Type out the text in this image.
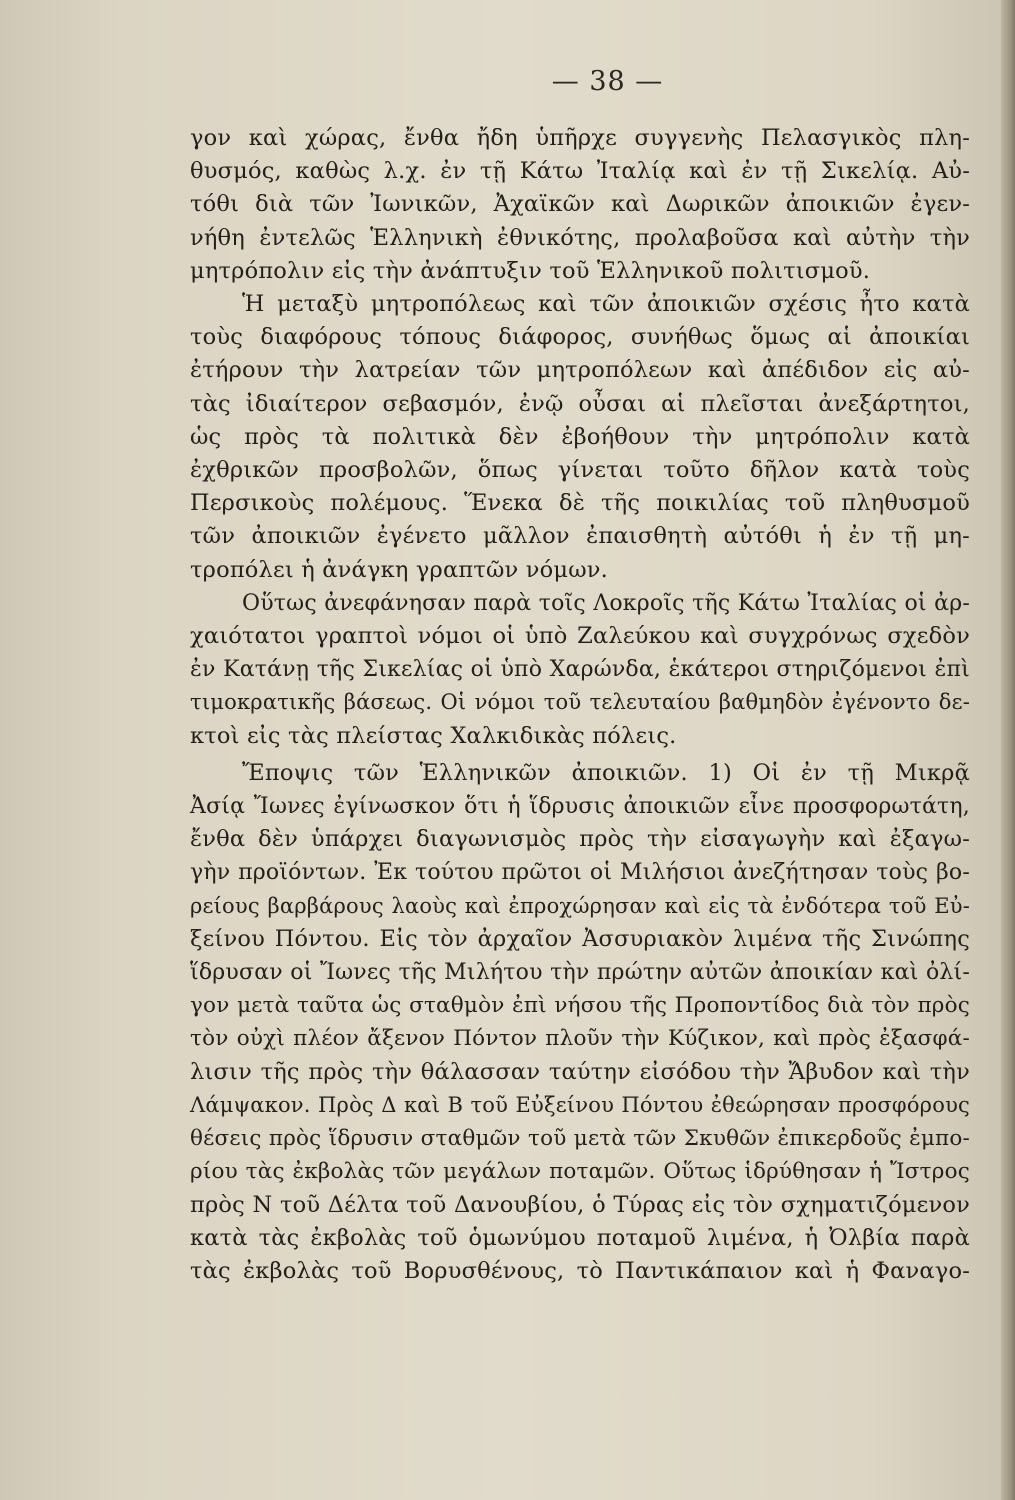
— 38 —
γον καὶ χώρας, ἔνθα ἤδη ὑπῆρχε συγγενὴς Πελασγικὸς πλη-
θυσμός, καθὼς λ.χ. ἐν τῇ Κάτω Ἰταλίᾳ καὶ ἐν τῇ Σικελίᾳ. Αὐ-
τόθι διὰ τῶν Ἰωνικῶν, Ἀχαϊκῶν καὶ Δωρικῶν ἀποικιῶν ἐγεν-
νήθη ἐντελῶς Ἑλληνικὴ ἐθνικότης, προλαβοῦσα καὶ αὐτὴν τὴν
μητρόπολιν εἰς τὴν ἀνάπτυξιν τοῦ Ἑλληνικοῦ πολιτισμοῦ.
Ἡ μεταξὺ μητροπόλεως καὶ τῶν ἀποικιῶν σχέσις ἦτο κατὰ
τοὺς διαφόρους τόπους διάφορος, συνήθως ὅμως αἱ ἀποικίαι
ἐτήρουν τὴν λατρείαν τῶν μητροπόλεων καὶ ἀπέδιδον εἰς αὐ-
τὰς ἰδιαίτερον σεβασμόν, ἐνῷ οὖσαι αἱ πλεῖσται ἀνεξάρτητοι,
ὡς πρὸς τὰ πολιτικὰ δὲν ἐβοήθουν τὴν μητρόπολιν κατὰ
ἐχθρικῶν προσβολῶν, ὅπως γίνεται τοῦτο δῆλον κατὰ τοὺς
Περσικοὺς πολέμους. Ἕνεκα δὲ τῆς ποικιλίας τοῦ πληθυσμοῦ
τῶν ἀποικιῶν ἐγένετο μᾶλλον ἐπαισθητὴ αὐτόθι ἡ ἐν τῇ μη-
τροπόλει ἡ ἀνάγκη γραπτῶν νόμων.
Οὕτως ἀνεφάνησαν παρὰ τοῖς Λοκροῖς τῆς Κάτω Ἰταλίας οἱ ἀρ-
χαιότατοι γραπτοὶ νόμοι οἱ ὑπὸ Ζαλεύκου καὶ συγχρόνως σχεδὸν
ἐν Κατάνῃ τῆς Σικελίας οἱ ὑπὸ Χαρώνδα, ἑκάτεροι στηριζόμενοι ἐπὶ
τιμοκρατικῆς βάσεως. Οἱ νόμοι τοῦ τελευταίου βαθμηδὸν ἐγένοντο δε-
κτοὶ εἰς τὰς πλείστας Χαλκιδικὰς πόλεις.
Ἔποψις τῶν Ἑλληνικῶν ἀποικιῶν. 1) Οἱ ἐν τῇ Μικρᾷ
Ἀσίᾳ Ἴωνες ἐγίνωσκον ὅτι ἡ ἵδρυσις ἀποικιῶν εἶνε προσφορωτάτη,
ἔνθα δὲν ὑπάρχει διαγωνισμὸς πρὸς τὴν εἰσαγωγὴν καὶ ἐξαγω-
γὴν προϊόντων. Ἐκ τούτου πρῶτοι οἱ Μιλήσιοι ἀνεζήτησαν τοὺς βο-
ρείους βαρβάρους λαοὺς καὶ ἐπροχώρησαν καὶ εἰς τὰ ἐνδότερα τοῦ Εὐ-
ξείνου Πόντου. Εἰς τὸν ἀρχαῖον Ἀσσυριακὸν λιμένα τῆς Σινώπης
ἵδρυσαν οἱ Ἴωνες τῆς Μιλήτου τὴν πρώτην αὐτῶν ἀποικίαν καὶ ὀλί-
γον μετὰ ταῦτα ὡς σταθμὸν ἐπὶ νήσου τῆς Προποντίδος διὰ τὸν πρὸς
τὸν οὐχὶ πλέον ἄξενον Πόντον πλοῦν τὴν Κύζικον, καὶ πρὸς ἐξασφά-
λισιν τῆς πρὸς τὴν θάλασσαν ταύτην εἰσόδου τὴν Ἄβυδον καὶ τὴν
Λάμψακον. Πρὸς Δ καὶ Β τοῦ Εὐξείνου Πόντου ἐθεώρησαν προσφόρους
θέσεις πρὸς ἵδρυσιν σταθμῶν τοῦ μετὰ τῶν Σκυθῶν ἐπικερδοῦς ἐμπο-
ρίου τὰς ἐκβολὰς τῶν μεγάλων ποταμῶν. Οὕτως ἱδρύθησαν ἡ Ἴστρος
πρὸς Ν τοῦ Δέλτα τοῦ Δανουβίου, ὁ Τύρας εἰς τὸν σχηματιζόμενον
κατὰ τὰς ἐκβολὰς τοῦ ὁμωνύμου ποταμοῦ λιμένα, ἡ Ὀλβία παρὰ
τὰς ἐκβολὰς τοῦ Βορυσθένους, τὸ Παντικάπαιον καὶ ἡ Φαναγο-
